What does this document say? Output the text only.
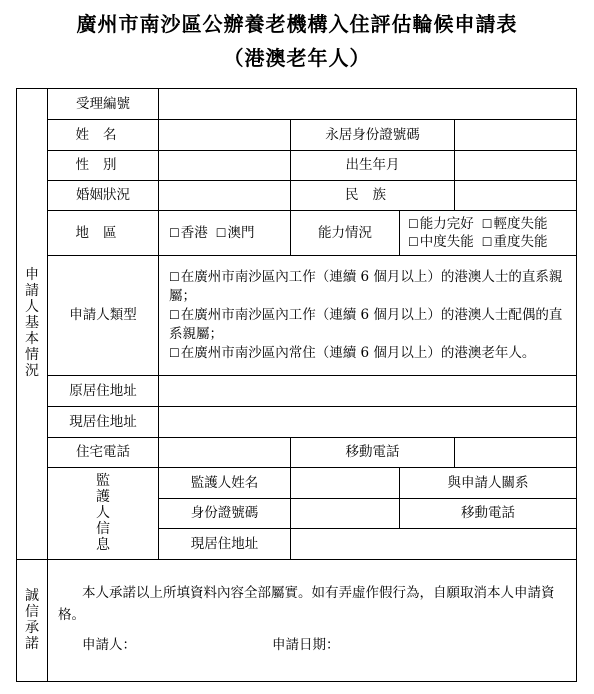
廣州市南沙區公辦養老機構入住評估輪候申請表
（港澳老年人）
申請人基本情況	受理編號					
	姓名		永居身份證號碼			
	性別		出生年月			
	婚姻狀況		民族			
	地區	☐香港 ☐澳門	能力情況	☐能力完好 ☐輕度失能
☐中度失能 ☐重度失能		

	申請人類型	☐在廣州市南沙區內工作（連續 6 個月以上）的港澳人士的直系親屬；
☐在廣州市南沙區內工作（連續 6 個月以上）的港澳人士配偶的直系親屬；
☐在廣州市南沙區內常住（連續 6 個月以上）的港澳老年人。				

	原居住地址					
	現居住地址					
	住宅電話		移動電話			
	監護人信息	監護人姓名		與申請人關系		
		身份證號碼		移動電話		
		現居住地址				
誠信承諾	本人承諾以上所填資料內容全部屬實。如有弄虛作假行為，自願取消本人申請資格。

申請人： 申請日期：					
